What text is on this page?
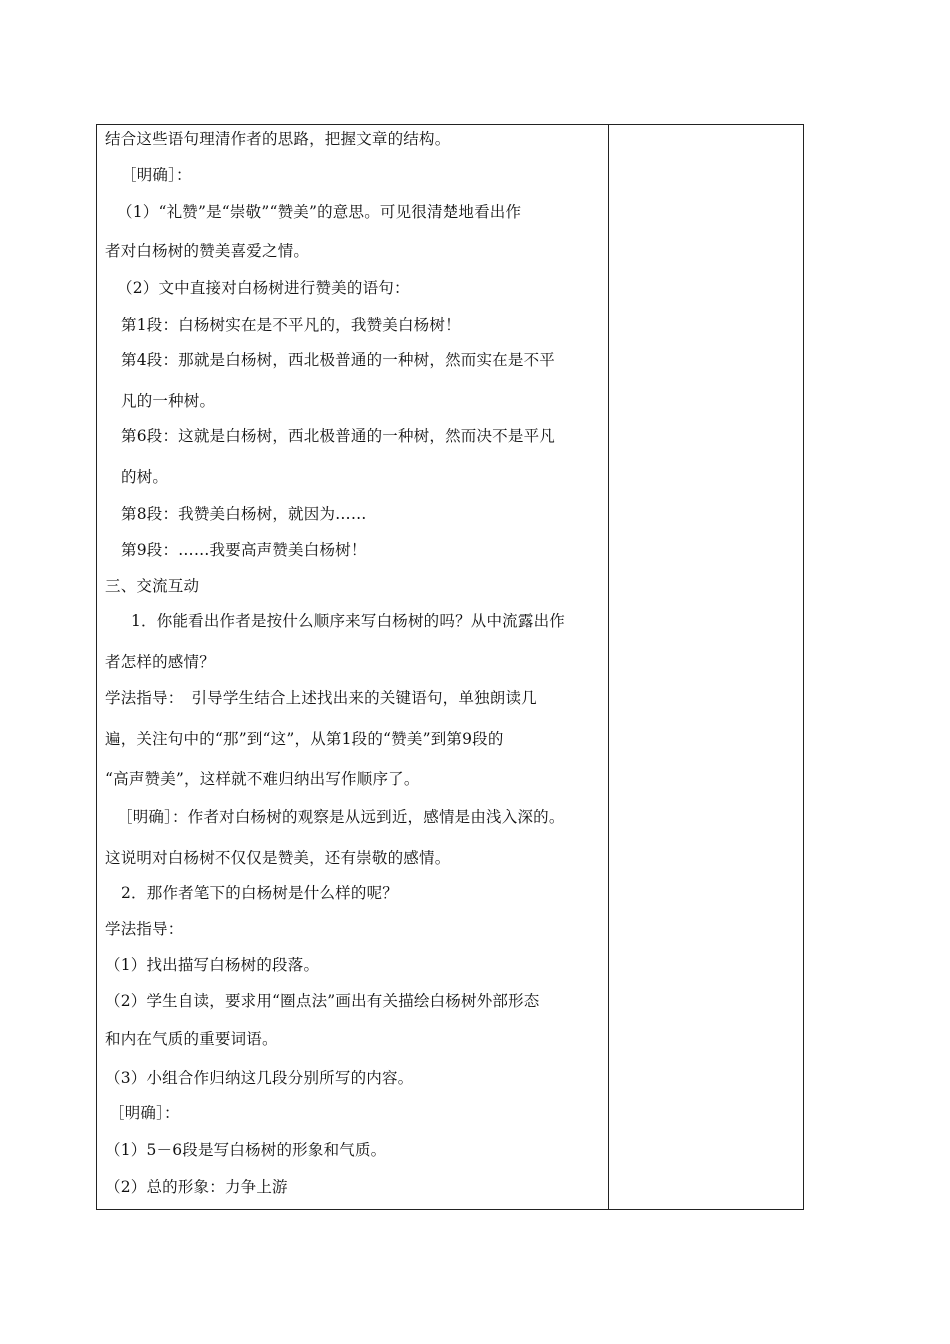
结合这些语句理清作者的思路，把握文章的结构。
［明确］：
（1）“礼赞”是“崇敬”“赞美”的意思。可见很清楚地看出作
者对白杨树的赞美喜爱之情。
（2）文中直接对白杨树进行赞美的语句：
第1段：白杨树实在是不平凡的，我赞美白杨树！
第4段：那就是白杨树，西北极普通的一种树，然而实在是不平
凡的一种树。
第6段：这就是白杨树，西北极普通的一种树，然而决不是平凡
的树。
第8段：我赞美白杨树，就因为……
第9段：……我要高声赞美白杨树！
三、交流互动
1．你能看出作者是按什么顺序来写白杨树的吗？从中流露出作
者怎样的感情？
学法指导：　引导学生结合上述找出来的关键语句，单独朗读几
遍，关注句中的“那”到“这”，从第1段的“赞美”到第9段的
“高声赞美”，这样就不难归纳出写作顺序了。
［明确］：作者对白杨树的观察是从远到近，感情是由浅入深的。
这说明对白杨树不仅仅是赞美，还有崇敬的感情。
2．那作者笔下的白杨树是什么样的呢？
学法指导：
（1）找出描写白杨树的段落。
（2）学生自读，要求用“圈点法”画出有关描绘白杨树外部形态
和内在气质的重要词语。
（3）小组合作归纳这几段分别所写的内容。
［明确］：
（1）5－6段是写白杨树的形象和气质。
（2）总的形象：力争上游
